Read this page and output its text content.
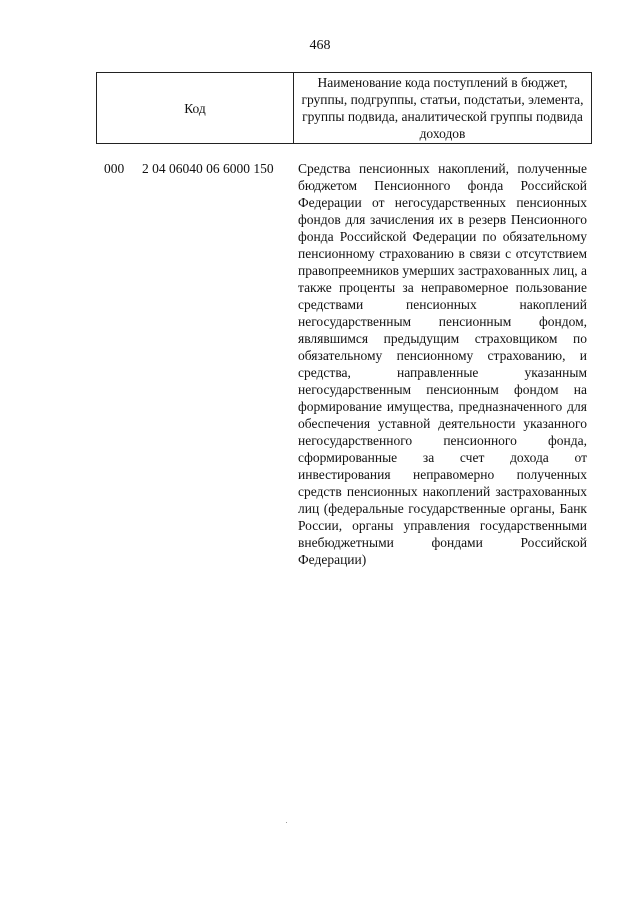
468
Код	Наименование кода поступлений в бюджет, группы, подгруппы, статьи, подстатьи, элемента, группы подвида, аналитической группы подвида доходов
000 2 04 06040 06 6000 150 Средства пенсионных накоплений, полученные бюджетом Пенсионного фонда Российской Федерации от негосударственных пенсионных фондов для зачисления их в резерв Пенсионного фонда Российской Федерации по обязательному пенсионному страхованию в связи с отсутствием правопреемников умерших застрахованных лиц, а также проценты за неправомерное пользование средствами пенсионных накоплений негосударственным пенсионным фондом, являвшимся предыдущим страховщиком по обязательному пенсионному страхованию, и средства, направленные указанным негосударственным пенсионным фондом на формирование имущества, предназначенного для обеспечения уставной деятельности указанного негосударственного пенсионного фонда, сформированные за счет дохода от инвестирования неправомерно полученных средств пенсионных накоплений застрахованных лиц (федеральные государственные органы, Банк России, органы управления государственными внебюджетными фондами Российской Федерации)
